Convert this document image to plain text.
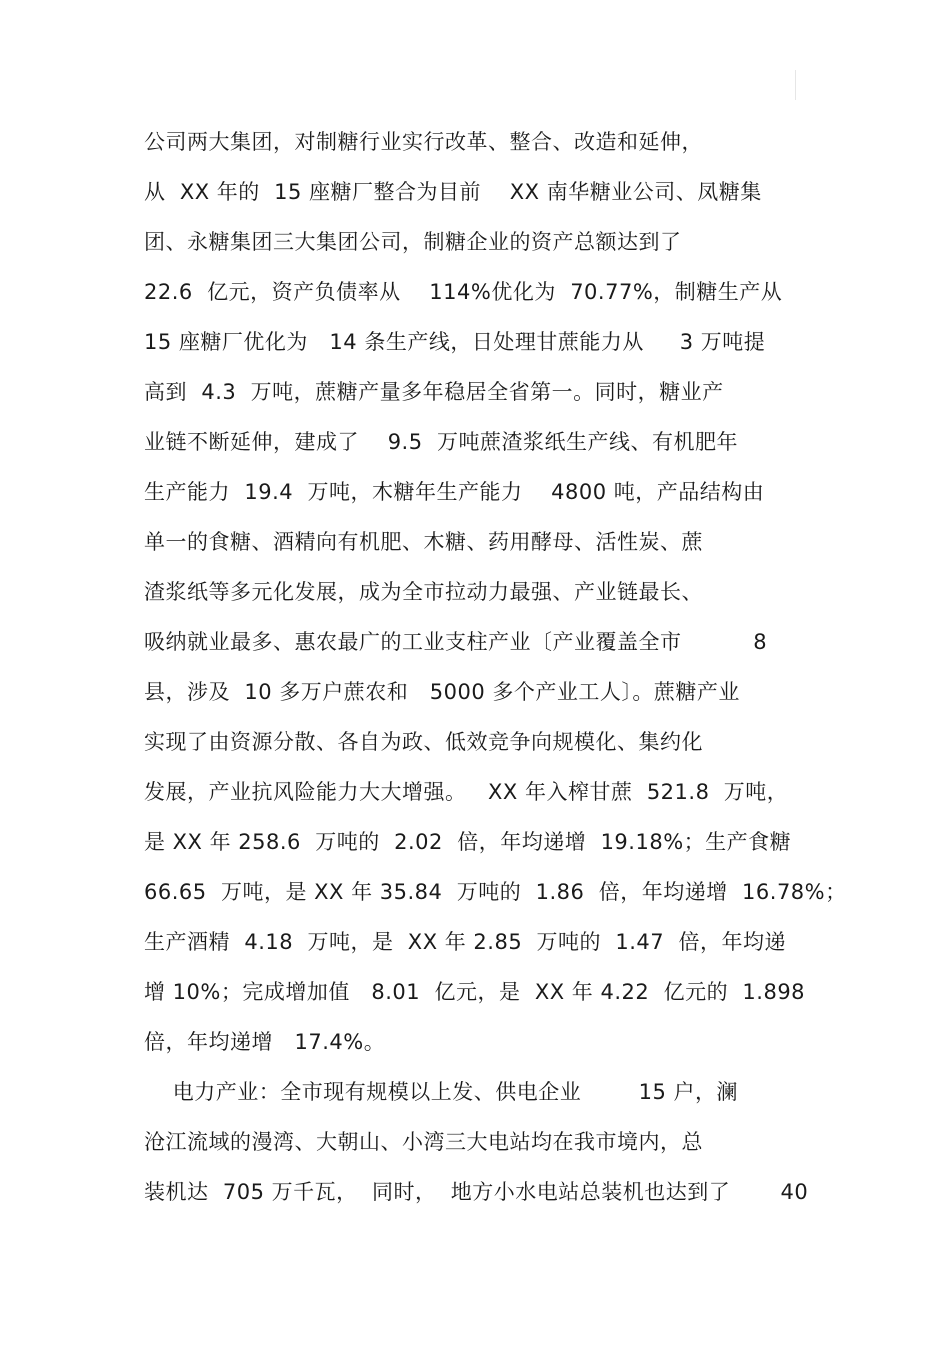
公司两大集团，对制糖行业实行改革、整合、改造和延伸，
从  XX 年的  15 座糖厂整合为目前    XX 南华糖业公司、凤糖集
团、永糖集团三大集团公司，制糖企业的资产总额达到了
22.6  亿元，资产负债率从    114%优化为  70.77%，制糖生产从
15 座糖厂优化为   14 条生产线，日处理甘蔗能力从     3 万吨提
高到  4.3  万吨，蔗糖产量多年稳居全省第一。同时，糖业产
业链不断延伸，建成了    9.5  万吨蔗渣浆纸生产线、有机肥年
生产能力  19.4  万吨，木糖年生产能力    4800 吨，产品结构由
单一的食糖、酒精向有机肥、木糖、药用酵母、活性炭、蔗
渣浆纸等多元化发展，成为全市拉动力最强、产业链最长、
吸纳就业最多、惠农最广的工业支柱产业〔产业覆盖全市          8
县，涉及  10 多万户蔗农和   5000 多个产业工人〕。蔗糖产业
实现了由资源分散、各自为政、低效竞争向规模化、集约化
发展，产业抗风险能力大大增强。   XX 年入榨甘蔗  521.8  万吨，
是 XX 年 258.6  万吨的  2.02  倍，年均递增  19.18%；生产食糖
66.65  万吨，是 XX 年 35.84  万吨的  1.86  倍，年均递增  16.78%；
生产酒精  4.18  万吨，是  XX 年 2.85  万吨的  1.47  倍，年均递
增 10%；完成增加值   8.01  亿元，是  XX 年 4.22  亿元的  1.898
倍，年均递增   17.4%。
电力产业：全市现有规模以上发、供电企业        15 户，澜
沧江流域的漫湾、大朝山、小湾三大电站均在我市境内，总
装机达  705 万千瓦，  同时，  地方小水电站总装机也达到了       40
